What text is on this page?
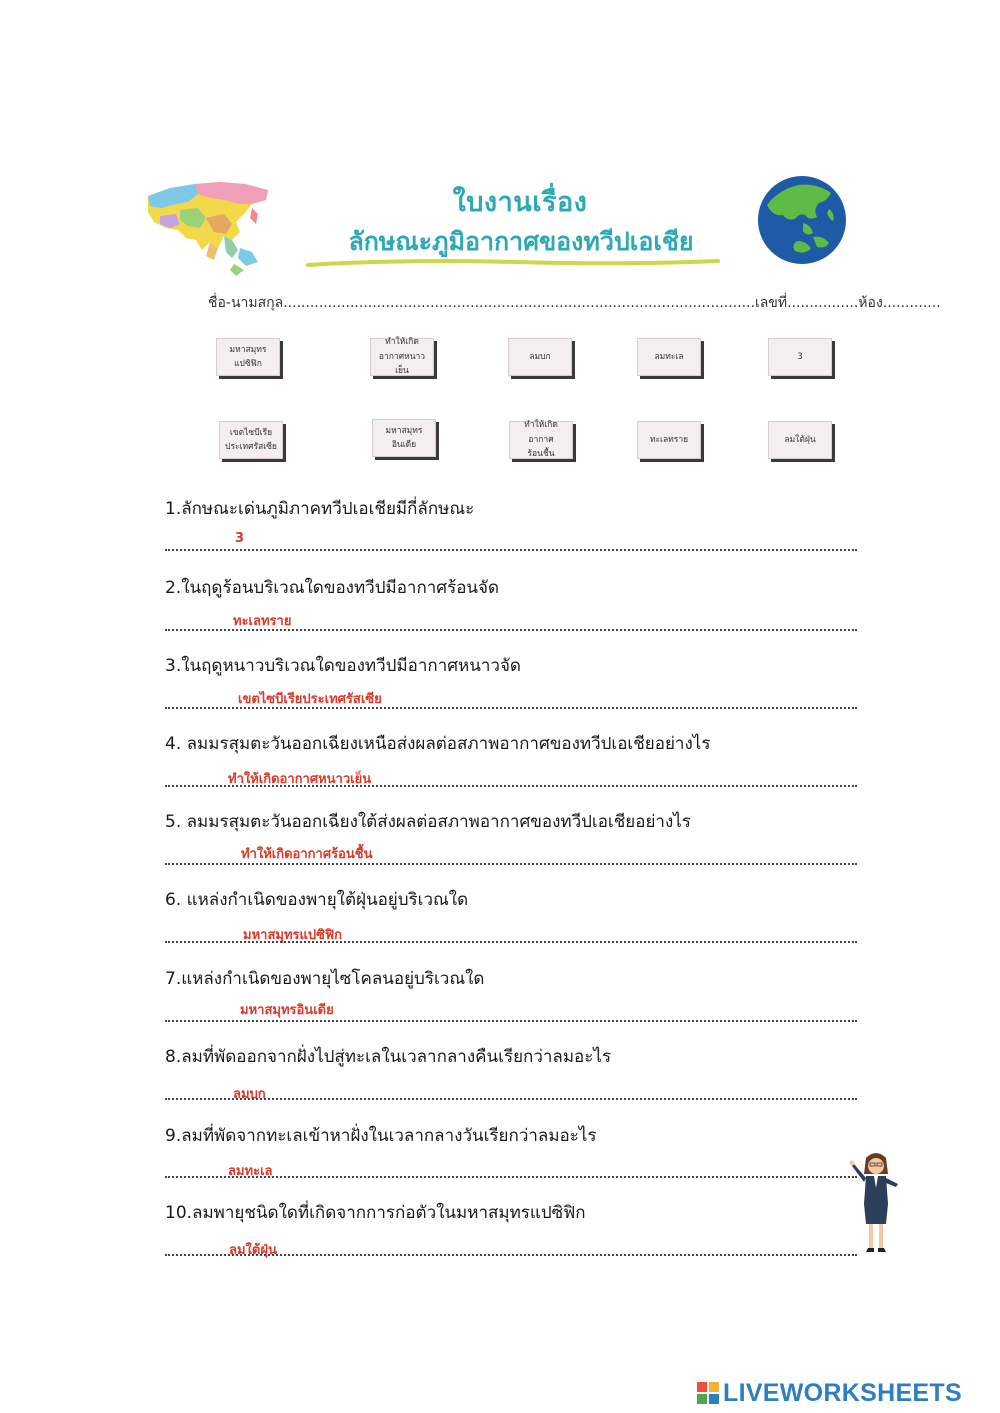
ใบงานเรื่อง
ลักษณะภูมิอากาศของทวีปเอเชีย
ชื่อ-นามสกุล..........................................................................................................เลขที่................ห้อง.............
มหาสมุทร
แปซิฟิก
ทำให้เกิด
อากาศหนาวเย็น
ลมบก	ลมทะเล	3
เขตไซบีเรีย
ประเทศรัสเซีย
มหาสมุทร
อินเดีย
ทำให้เกิดอากาศ
ร้อนชื้น
ทะเลทราย	ลมใต้ฝุ่น
1.ลักษณะเด่นภูมิภาคทวีปเอเชียมีกี่ลักษณะ
3
2.ในฤดูร้อนบริเวณใดของทวีปมีอากาศร้อนจัด
ทะเลทราย
3.ในฤดูหนาวบริเวณใดของทวีปมีอากาศหนาวจัด
เขตไซบีเรียประเทศรัสเซีย
4. ลมมรสุมตะวันออกเฉียงเหนือส่งผลต่อสภาพอากาศของทวีปเอเชียอย่างไร
ทำให้เกิดอากาศหนาวเย็น
5. ลมมรสุมตะวันออกเฉียงใต้ส่งผลต่อสภาพอากาศของทวีปเอเชียอย่างไร
ทำให้เกิดอากาศร้อนชื้น
6. แหล่งกำเนิดของพายุใต้ฝุ่นอยู่บริเวณใด
มหาสมุทรแปซิฟิก
7.แหล่งกำเนิดของพายุไซโคลนอยู่บริเวณใด
มหาสมุทรอินเดีย
8.ลมที่พัดออกจากฝั่งไปสู่ทะเลในเวลากลางคืนเรียกว่าลมอะไร
ลมบก
9.ลมที่พัดจากทะเลเข้าหาฝั่งในเวลากลางวันเรียกว่าลมอะไร
ลมทะเล
10.ลมพายุชนิดใดที่เกิดจากการก่อตัวในมหาสมุทรแปซิฟิก
ลมใต้ฝุ่น
LIVEWORKSHEETS
